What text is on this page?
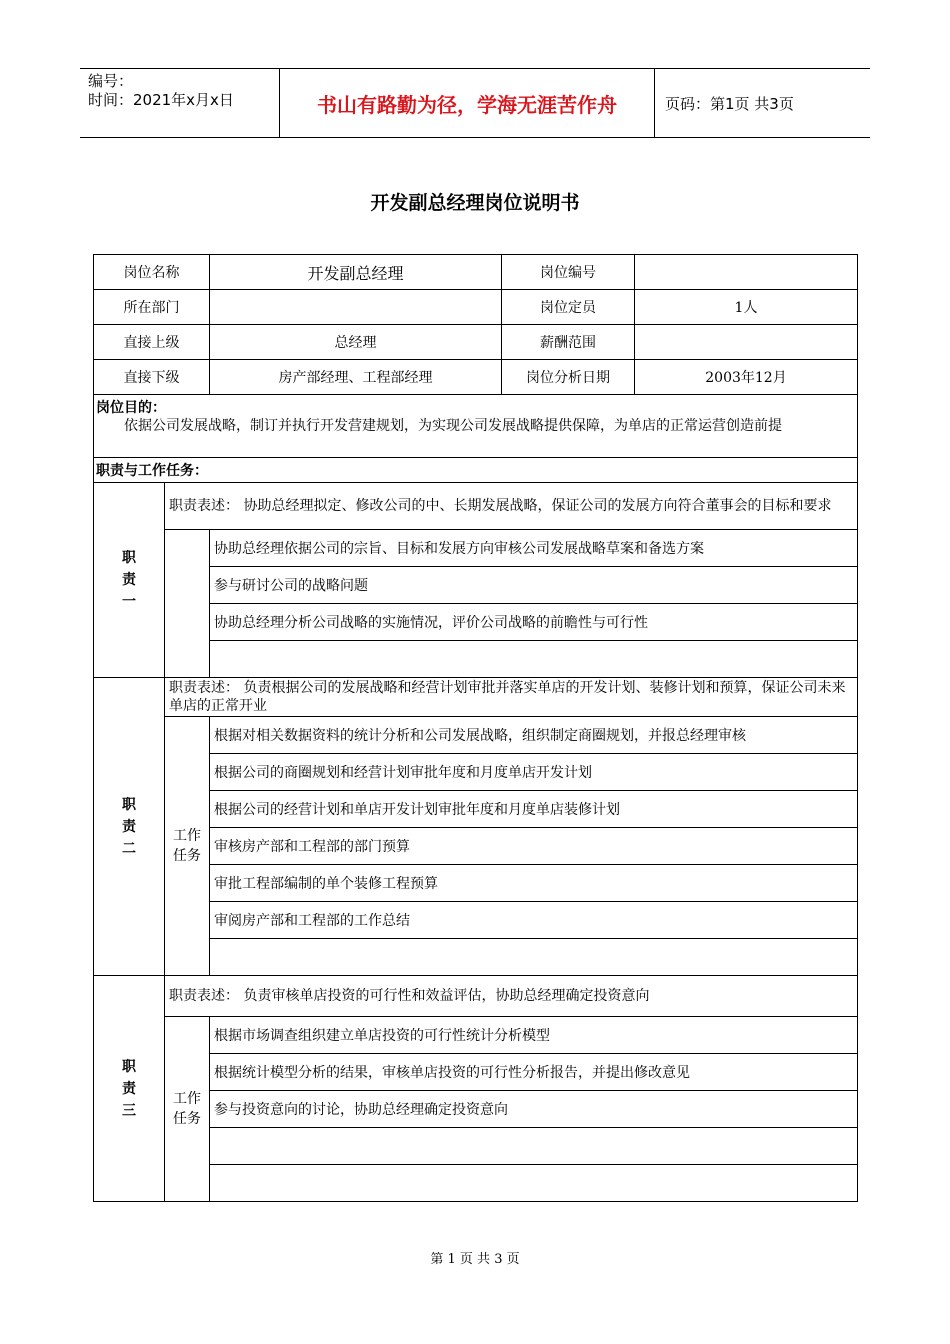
编号：
时间：2021年x月x日	书山有路勤为径，学海无涯苦作舟	页码：第1页 共3页
开发副总经理岗位说明书
岗位名称		开发副总经理	岗位编号	
所在部门			岗位定员	1人
直接上级		总经理	薪酬范围	
直接下级		房产部经理、工程部经理	岗位分析日期	2003年12月

岗位目的：
依据公司发展战略，制订并执行开发营建规划，为实现公司发展战略提供保障，为单店的正常运营创造前提				

职责与工作任务：				

职责一	职责表述： 协助总经理拟定、修改公司的中、长期发展战略，保证公司的发展方向符合董事会的目标和要求			
		协助总经理依据公司的宗旨、目标和发展方向审核公司发展战略草案和备选方案		
		参与研讨公司的战略问题		
		协助总经理分析公司战略的实施情况，评价公司战略的前瞻性与可行性		

职责二	职责表述： 负责根据公司的发展战略和经营计划审批并落实单店的开发计划、装修计划和预算，保证公司未来单店的正常开业			

	工作任务	根据对相关数据资料的统计分析和公司发展战略，组织制定商圈规划，并报总经理审核		
		根据公司的商圈规划和经营计划审批年度和月度单店开发计划		
		根据公司的经营计划和单店开发计划审批年度和月度单店装修计划		
		审核房产部和工程部的部门预算		
		审批工程部编制的单个装修工程预算		
		审阅房产部和工程部的工作总结		

职责三	职责表述： 负责审核单店投资的可行性和效益评估，协助总经理确定投资意向			

	工作任务	根据市场调查组织建立单店投资的可行性统计分析模型		
		根据统计模型分析的结果，审核单店投资的可行性分析报告，并提出修改意见		
		参与投资意向的讨论，协助总经理确定投资意向		

第 1 页 共 3 页
